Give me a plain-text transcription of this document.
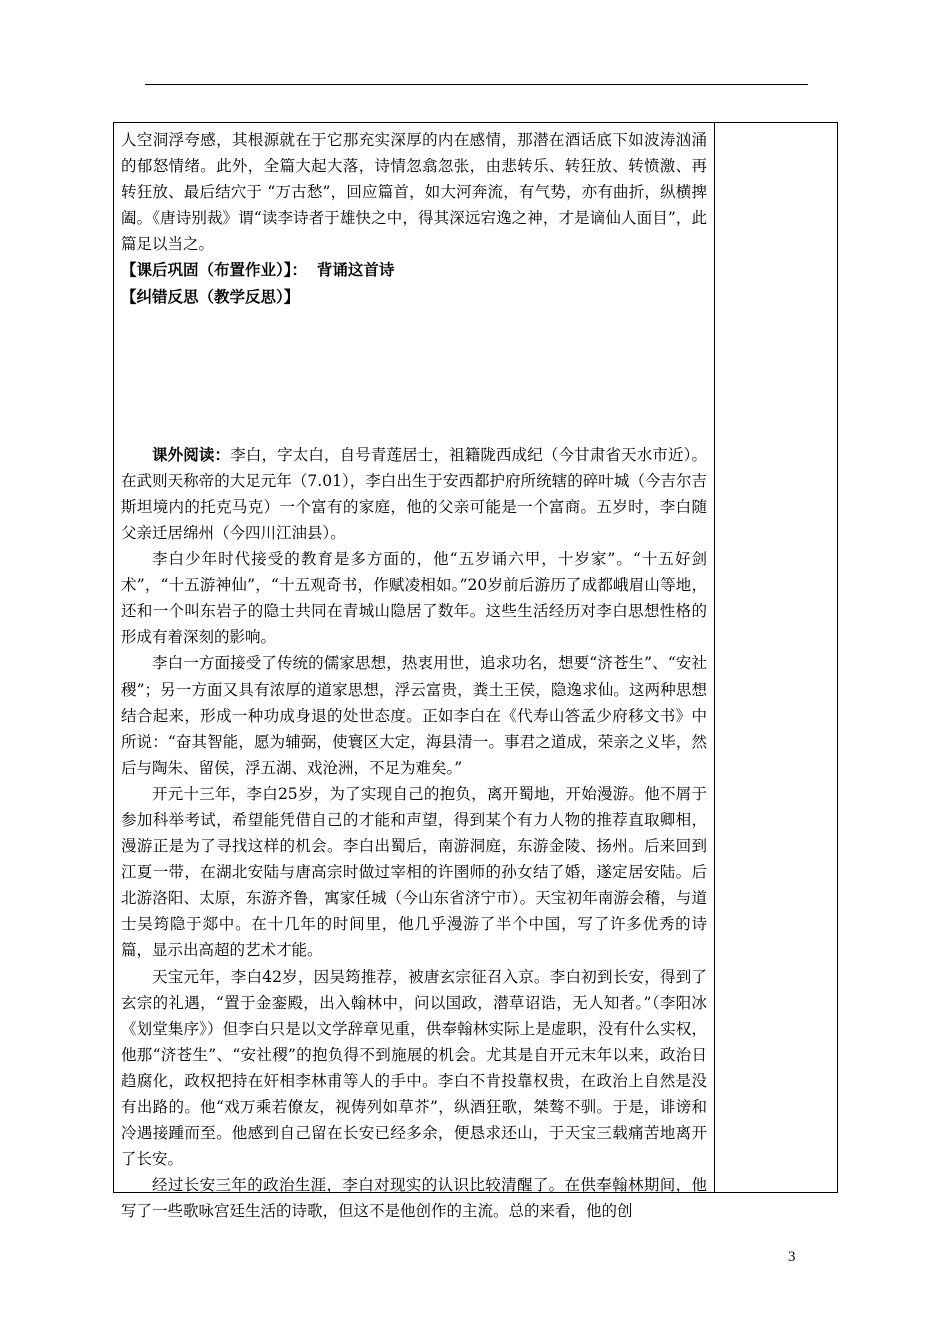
人空洞浮夸感，其根源就在于它那充实深厚的内在感情，那潜在酒话底下如波涛汹涌的郁怒情绪。此外，全篇大起大落，诗情忽翕忽张，由悲转乐、转狂放、转愤激、再转狂放、最后结穴于 “万古愁”，回应篇首，如大河奔流，有气势，亦有曲折，纵横捭阖。《唐诗别裁》谓“读李诗者于雄快之中，得其深远宕逸之神，才是谪仙人面目”，此篇足以当之。

【课后巩固（布置作业）】： 背诵这首诗

【纠错反思（教学反思）】

课外阅读：李白，字太白，自号青莲居士，祖籍陇西成纪（今甘肃省天水市近）。在武则天称帝的大足元年（7.01），李白出生于安西都护府所统辖的碎叶城（今吉尔吉斯坦境内的托克马克）一个富有的家庭，他的父亲可能是一个富商。五岁时，李白随父亲迁居绵州（今四川江油县）。

李白少年时代接受的教育是多方面的，他“五岁诵六甲，十岁家”。“十五好剑术”，“十五游神仙”，“十五观奇书，作赋凌相如。”20岁前后游历了成都峨眉山等地，还和一个叫东岩子的隐士共同在青城山隐居了数年。这些生活经历对李白思想性格的形成有着深刻的影响。

李白一方面接受了传统的儒家思想，热衷用世，追求功名，想要“济苍生”、“安社稷”；另一方面又具有浓厚的道家思想，浮云富贵，粪土王侯，隐逸求仙。这两种思想结合起来，形成一种功成身退的处世态度。正如李白在《代寿山答孟少府移文书》中所说：“奋其智能，愿为辅弼，使寰区大定，海县清一。事君之道成，荣亲之义毕，然后与陶朱、留侯，浮五湖、戏沧洲，不足为难矣。”

开元十三年，李白25岁，为了实现自己的抱负，离开蜀地，开始漫游。他不屑于参加科举考试，希望能凭借自己的才能和声望，得到某个有力人物的推荐直取卿相，漫游正是为了寻找这样的机会。李白出蜀后，南游洞庭，东游金陵、扬州。后来回到江夏一带，在湖北安陆与唐高宗时做过宰相的许圉师的孙女结了婚，遂定居安陆。后北游洛阳、太原，东游齐鲁，寓家任城（今山东省济宁市）。天宝初年南游会稽，与道士吴筠隐于郯中。在十几年的时间里，他几乎漫游了半个中国，写了许多优秀的诗篇，显示出高超的艺术才能。

天宝元年，李白42岁，因吴筠推荐，被唐玄宗征召入京。李白初到长安，得到了玄宗的礼遇，“置于金銮殿，出入翰林中，问以国政，潜草诏诰，无人知者。”（李阳冰《划堂集序》）但李白只是以文学辞章见重，供奉翰林实际上是虚职，没有什么实权，他那“济苍生”、“安社稷”的抱负得不到施展的机会。尤其是自开元末年以来，政治日趋腐化，政权把持在奸相李林甫等人的手中。李白不肯投靠权贵，在政治上自然是没有出路的。他“戏万乘若僚友，视俦列如草芥”，纵酒狂歌，桀骜不驯。于是，诽谤和冷遇接踵而至。他感到自己留在长安已经多余，便恳求还山，于天宝三载痛苦地离开了长安。

经过长安三年的政治生涯，李白对现实的认识比较清醒了。在供奉翰林期间，他写了一些歌咏宫廷生活的诗歌，但这不是他创作的主流。总的来看，他的创

3
